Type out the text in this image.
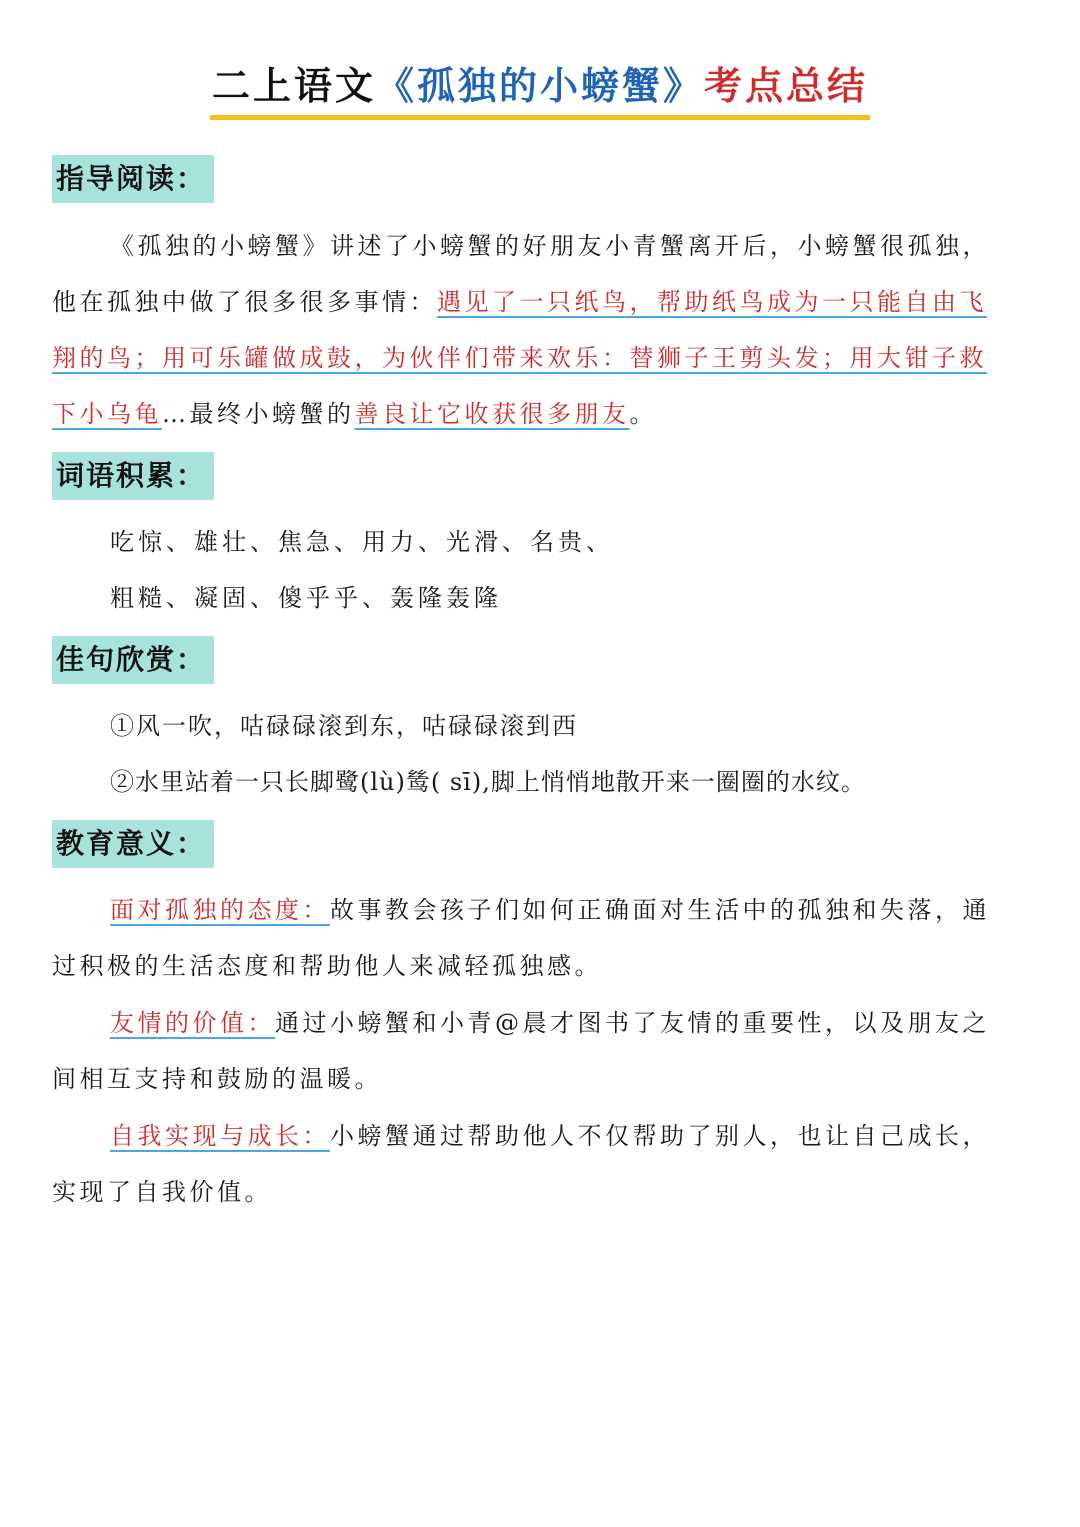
二上语文《孤独的小螃蟹》考点总结
指导阅读：
《孤独的小螃蟹》讲述了小螃蟹的好朋友小青蟹离开后，小螃蟹很孤独，
他在孤独中做了很多很多事情：遇见了一只纸鸟，帮助纸鸟成为一只能自由飞
翔的鸟；用可乐罐做成鼓，为伙伴们带来欢乐：替狮子王剪头发；用大钳子救
下小乌龟…最终小螃蟹的善良让它收获很多朋友。
词语积累：
吃惊、雄壮、焦急、用力、光滑、名贵、
粗糙、凝固、傻乎乎、轰隆轰隆
佳句欣赏：
①风一吹，咕碌碌滚到东，咕碌碌滚到西
②水里站着一只长脚鹭(lù)鸶( sī),脚上悄悄地散开来一圈圈的水纹。
教育意义：
面对孤独的态度：故事教会孩子们如何正确面对生活中的孤独和失落，通
过积极的生活态度和帮助他人来减轻孤独感。
友情的价值：通过小螃蟹和小青@晨才图书了友情的重要性，以及朋友之
间相互支持和鼓励的温暖。
自我实现与成长：小螃蟹通过帮助他人不仅帮助了别人，也让自己成长，
实现了自我价值。
